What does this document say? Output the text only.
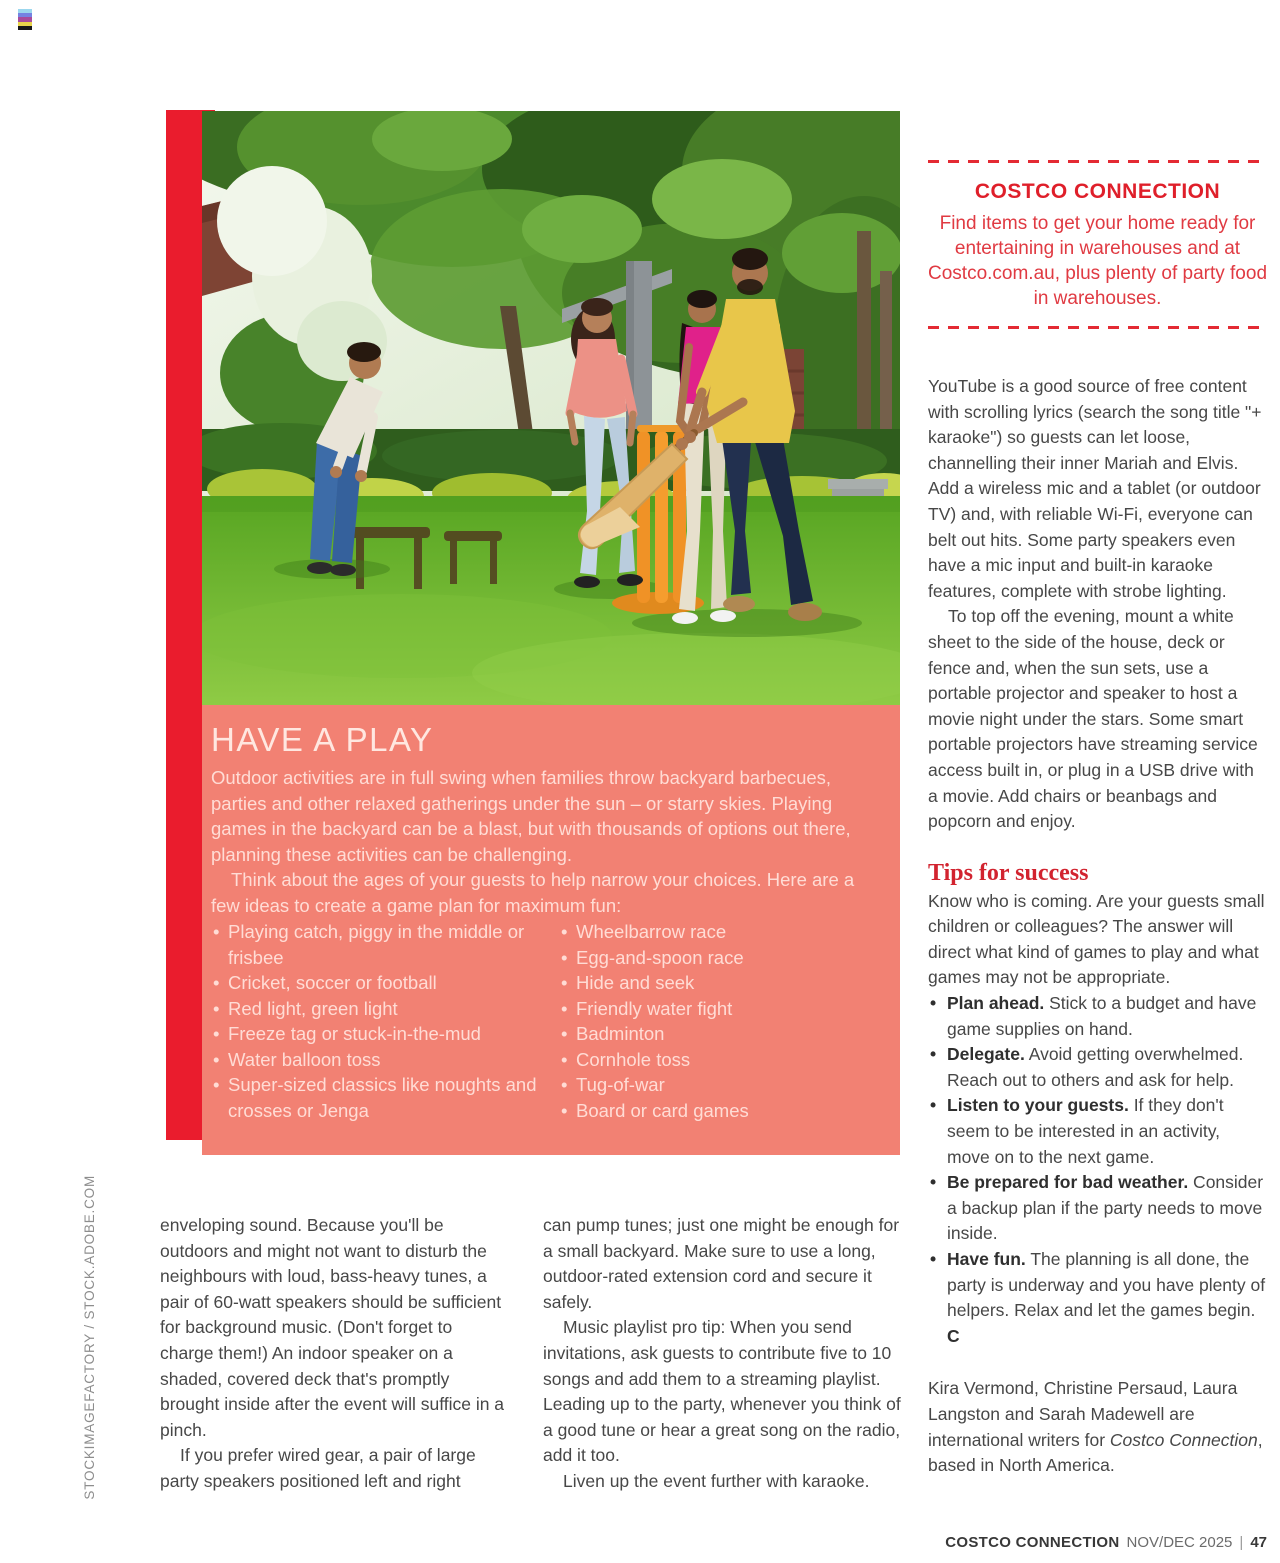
HAVE A PLAY

Outdoor activities are in full swing when families throw backyard barbecues, parties and other relaxed gatherings under the sun – or starry skies. Playing games in the backyard can be a blast, but with thousands of options out there, planning these activities can be challenging.

Think about the ages of your guests to help narrow your choices. Here are a few ideas to create a game plan for maximum fun:

• Playing catch, piggy in the middle or frisbee
• Cricket, soccer or football
• Red light, green light
• Freeze tag or stuck-in-the-mud
• Water balloon toss
• Super-sized classics like noughts and crosses or Jenga
• Wheelbarrow race
• Egg-and-spoon race
• Hide and seek
• Friendly water fight
• Badminton
• Cornhole toss
• Tug-of-war
• Board or card games
COSTCO CONNECTION

Find items to get your home ready for entertaining in warehouses and at Costco.com.au, plus plenty of party food in warehouses.

YouTube is a good source of free content with scrolling lyrics (search the song title "+ karaoke") so guests can let loose, channelling their inner Mariah and Elvis. Add a wireless mic and a tablet (or outdoor TV) and, with reliable Wi-Fi, everyone can belt out hits. Some party speakers even have a mic input and built-in karaoke features, complete with strobe lighting.

To top off the evening, mount a white sheet to the side of the house, deck or fence and, when the sun sets, use a portable projector and speaker to host a movie night under the stars. Some smart portable projectors have streaming service access built in, or plug in a USB drive with a movie. Add chairs or beanbags and popcorn and enjoy.

Tips for success

Know who is coming. Are your guests small children or colleagues? The answer will direct what kind of games to play and what games may not be appropriate.

• Plan ahead. Stick to a budget and have game supplies on hand.
• Delegate. Avoid getting overwhelmed. Reach out to others and ask for help.
• Listen to your guests. If they don't seem to be interested in an activity, move on to the next game.
• Be prepared for bad weather. Consider a backup plan if the party needs to move inside.
• Have fun. The planning is all done, the party is underway and you have plenty of helpers. Relax and let the games begin. C

Kira Vermond, Christine Persaud, Laura Langston and Sarah Madewell are international writers for Costco Connection, based in North America.

enveloping sound. Because you'll be outdoors and might not want to disturb the neighbours with loud, bass-heavy tunes, a pair of 60-watt speakers should be sufficient for background music. (Don't forget to charge them!) An indoor speaker on a shaded, covered deck that's promptly brought inside after the event will suffice in a pinch.

If you prefer wired gear, a pair of large party speakers positioned left and right

can pump tunes; just one might be enough for a small backyard. Make sure to use a long, outdoor-rated extension cord and secure it safely.

Music playlist pro tip: When you send invitations, ask guests to contribute five to 10 songs and add them to a streaming playlist. Leading up to the party, whenever you think of a good tune or hear a great song on the radio, add it too.

Liven up the event further with karaoke.

STOCKIMAGEFACTORY / STOCK.ADOBE.COM
COSTCO CONNECTION NOV/DEC 2025 | 47
